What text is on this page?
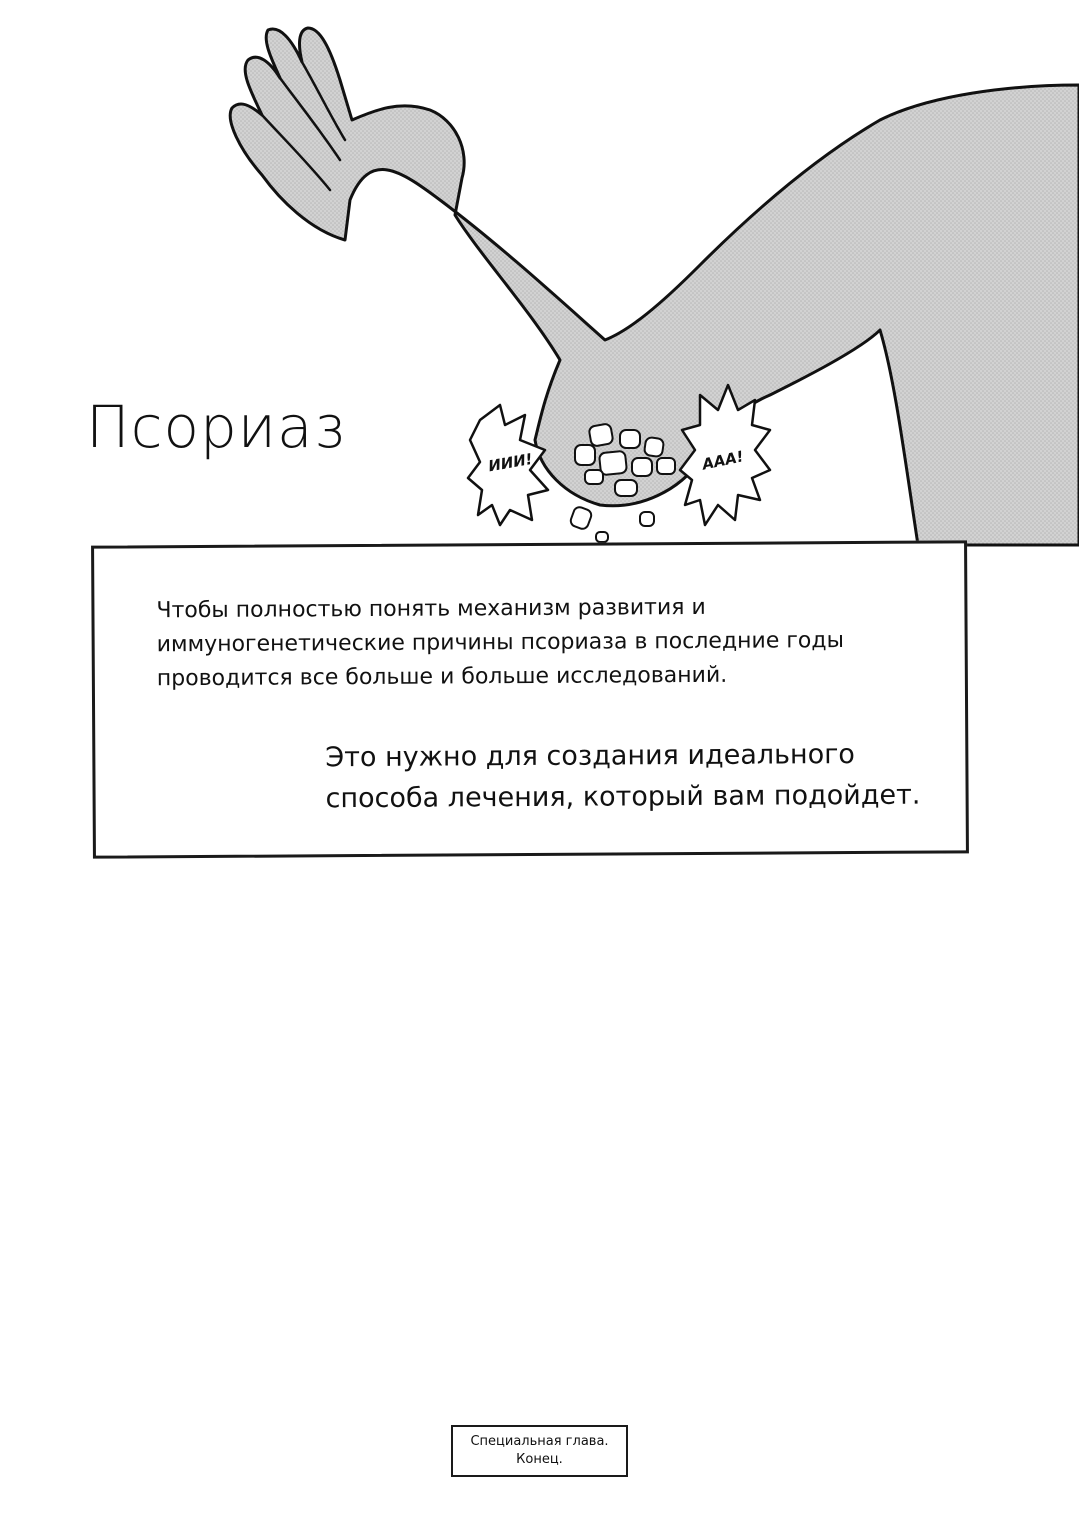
ИИИ!	ААА!
Псориаз

Чтобы полностью понять механизм развития и
иммуногенетические причины псориаза в последние годы
проводится все больше и больше исследований.

Это нужно для создания идеального
способа лечения, который вам подойдет.

Специальная глава.
Конец.
